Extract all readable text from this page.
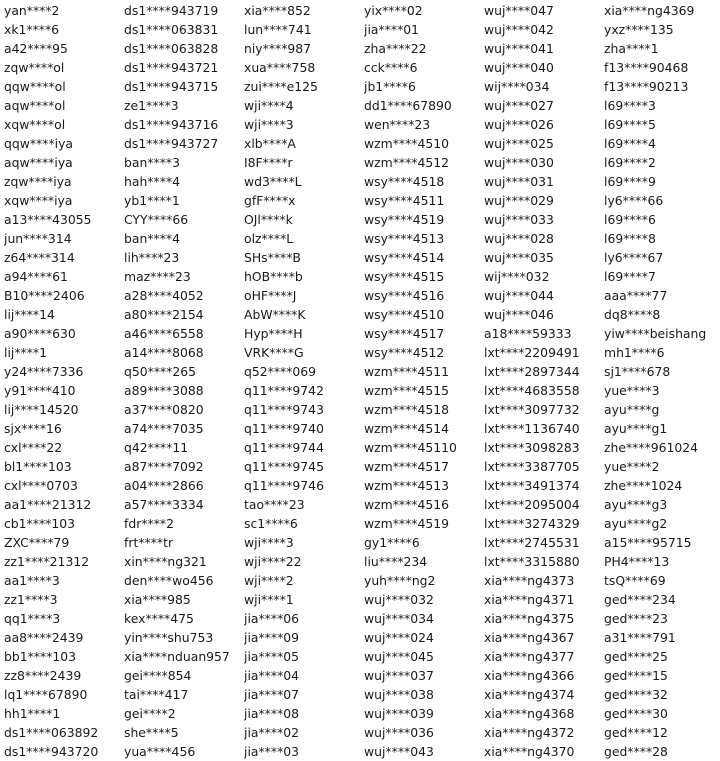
yan****2
xk1****6
a42****95
zqw****ol
qqw****ol
aqw****ol
xqw****ol
qqw****iya
aqw****iya
zqw****iya
xqw****iya
a13****43055
jun****314
z64****314
a94****61
B10****2406
lij****14
a90****630
lij****1
y24****7336
y91****410
lij****14520
sjx****16
cxl****22
bl1****103
cxl****0703
aa1****21312
cb1****103
ZXC****79
zz1****21312
aa1****3
zz1****3
qq1****3
aa8****2439
bb1****103
zz8****2439
lq1****67890
hh1****1
ds1****063892
ds1****943720
ds1****943719
ds1****063831
ds1****063828
ds1****943721
ds1****943715
ze1****3
ds1****943716
ds1****943727
ban****3
hah****4
yb1****1
CYY****66
ban****4
lih****23
maz****23
a28****4052
a80****2154
a46****6558
a14****8068
q50****265
a89****3088
a37****0820
a74****7035
q42****11
a87****7092
a04****2866
a57****3334
fdr****2
frt****tr
xin****ng321
den****wo456
xia****985
kex****475
yin****shu753
xia****nduan957
gei****854
tai****417
gei****2
she****5
yua****456
xia****852
lun****741
niy****987
xua****758
zui****e125
wji****4
wji****3
xlb****A
I8F****r
wd3****L
gfF****x
OJl****k
olz****L
SHs****B
hOB****b
oHF****J
AbW****K
Hyp****H
VRK****G
q52****069
q11****9742
q11****9743
q11****9740
q11****9744
q11****9745
q11****9746
tao****23
sc1****6
wji****3
wji****22
wji****2
wji****1
jia****06
jia****09
jia****05
jia****04
jia****07
jia****08
jia****02
jia****03
yix****02
jia****01
zha****22
cck****6
jb1****6
dd1****67890
wen****23
wzm****4510
wzm****4512
wsy****4518
wsy****4511
wsy****4519
wsy****4513
wsy****4514
wsy****4515
wsy****4516
wsy****4510
wsy****4517
wsy****4512
wzm****4511
wzm****4515
wzm****4518
wzm****4514
wzm****45110
wzm****4517
wzm****4513
wzm****4516
wzm****4519
gy1****6
liu****234
yuh****ng2
wuj****032
wuj****034
wuj****024
wuj****045
wuj****037
wuj****038
wuj****039
wuj****036
wuj****043
wuj****047
wuj****042
wuj****041
wuj****040
wij****034
wuj****027
wuj****026
wuj****025
wuj****030
wuj****031
wuj****029
wuj****033
wuj****028
wuj****035
wij****032
wuj****044
wuj****046
a18****59333
lxt****2209491
lxt****2897344
lxt****4683558
lxt****3097732
lxt****1136740
lxt****3098283
lxt****3387705
lxt****3491374
lxt****2095004
lxt****3274329
lxt****2745531
lxt****3315880
xia****ng4373
xia****ng4371
xia****ng4375
xia****ng4367
xia****ng4377
xia****ng4366
xia****ng4374
xia****ng4368
xia****ng4372
xia****ng4370
xia****ng4369
yxz****135
zha****1
f13****90468
f13****90213
l69****3
l69****5
l69****4
l69****2
l69****9
ly6****66
l69****6
l69****8
ly6****67
l69****7
aaa****77
dq8****8
yiw****beishang
mh1****6
sj1****678
yue****3
ayu****g
ayu****g1
zhe****961024
yue****2
zhe****1024
ayu****g3
ayu****g2
a15****95715
PH4****13
tsQ****69
ged****234
ged****23
a31****791
ged****25
ged****15
ged****32
ged****30
ged****12
ged****28
